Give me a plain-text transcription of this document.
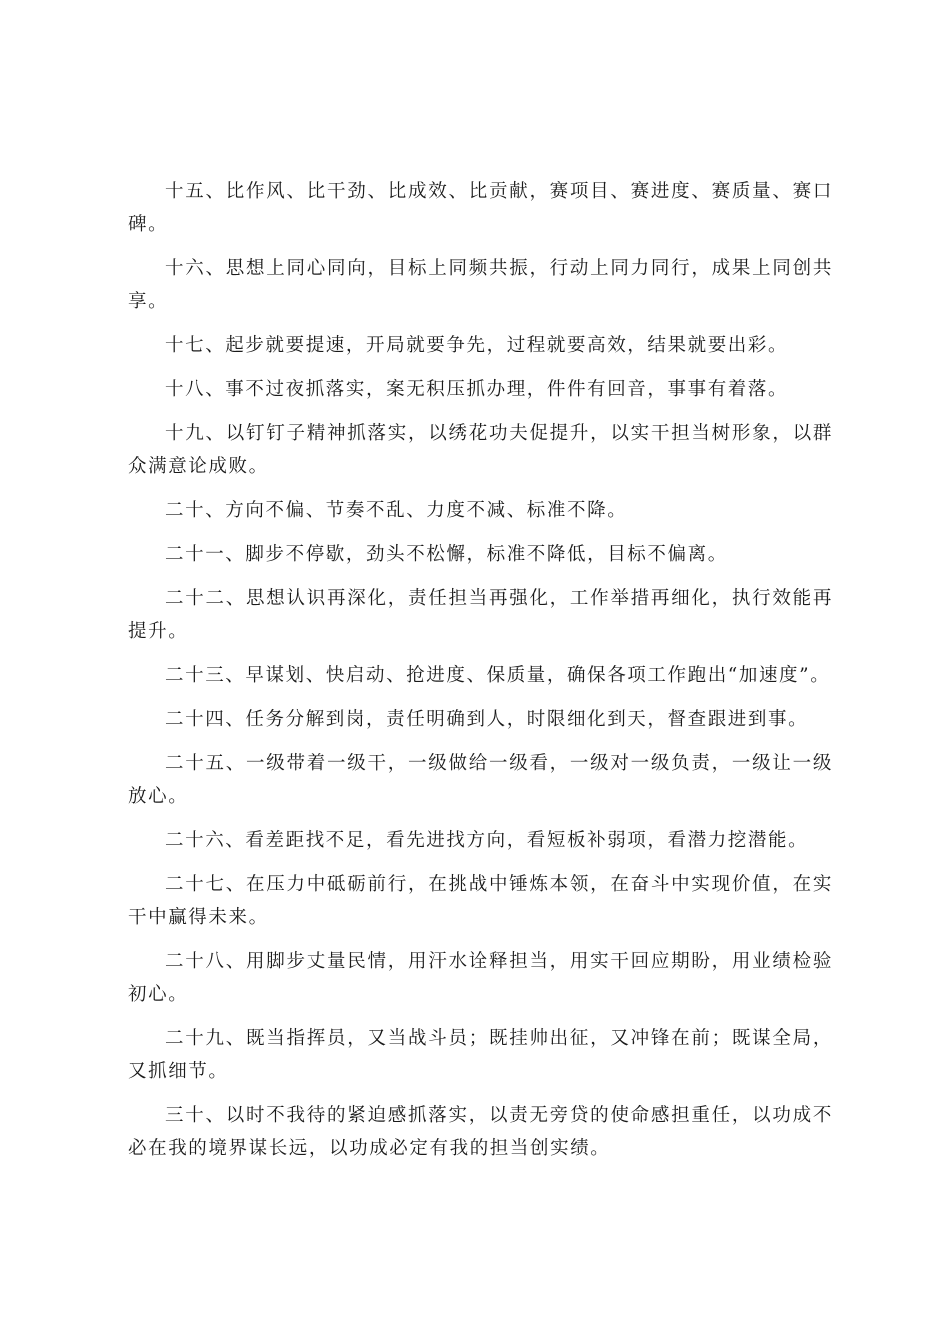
十五、比作风、比干劲、比成效、比贡献，赛项目、赛进度、赛质量、赛口碑。

十六、思想上同心同向，目标上同频共振，行动上同力同行，成果上同创共享。

十七、起步就要提速，开局就要争先，过程就要高效，结果就要出彩。

十八、事不过夜抓落实，案无积压抓办理，件件有回音，事事有着落。

十九、以钉钉子精神抓落实，以绣花功夫促提升，以实干担当树形象，以群众满意论成败。

二十、方向不偏、节奏不乱、力度不减、标准不降。

二十一、脚步不停歇，劲头不松懈，标准不降低，目标不偏离。

二十二、思想认识再深化，责任担当再强化，工作举措再细化，执行效能再提升。

二十三、早谋划、快启动、抢进度、保质量，确保各项工作跑出“加速度”。

二十四、任务分解到岗，责任明确到人，时限细化到天，督查跟进到事。

二十五、一级带着一级干，一级做给一级看，一级对一级负责，一级让一级放心。

二十六、看差距找不足，看先进找方向，看短板补弱项，看潜力挖潜能。

二十七、在压力中砥砺前行，在挑战中锤炼本领，在奋斗中实现价值，在实干中赢得未来。

二十八、用脚步丈量民情，用汗水诠释担当，用实干回应期盼，用业绩检验初心。

二十九、既当指挥员，又当战斗员；既挂帅出征，又冲锋在前；既谋全局，又抓细节。

三十、以时不我待的紧迫感抓落实，以责无旁贷的使命感担重任，以功成不必在我的境界谋长远，以功成必定有我的担当创实绩。
